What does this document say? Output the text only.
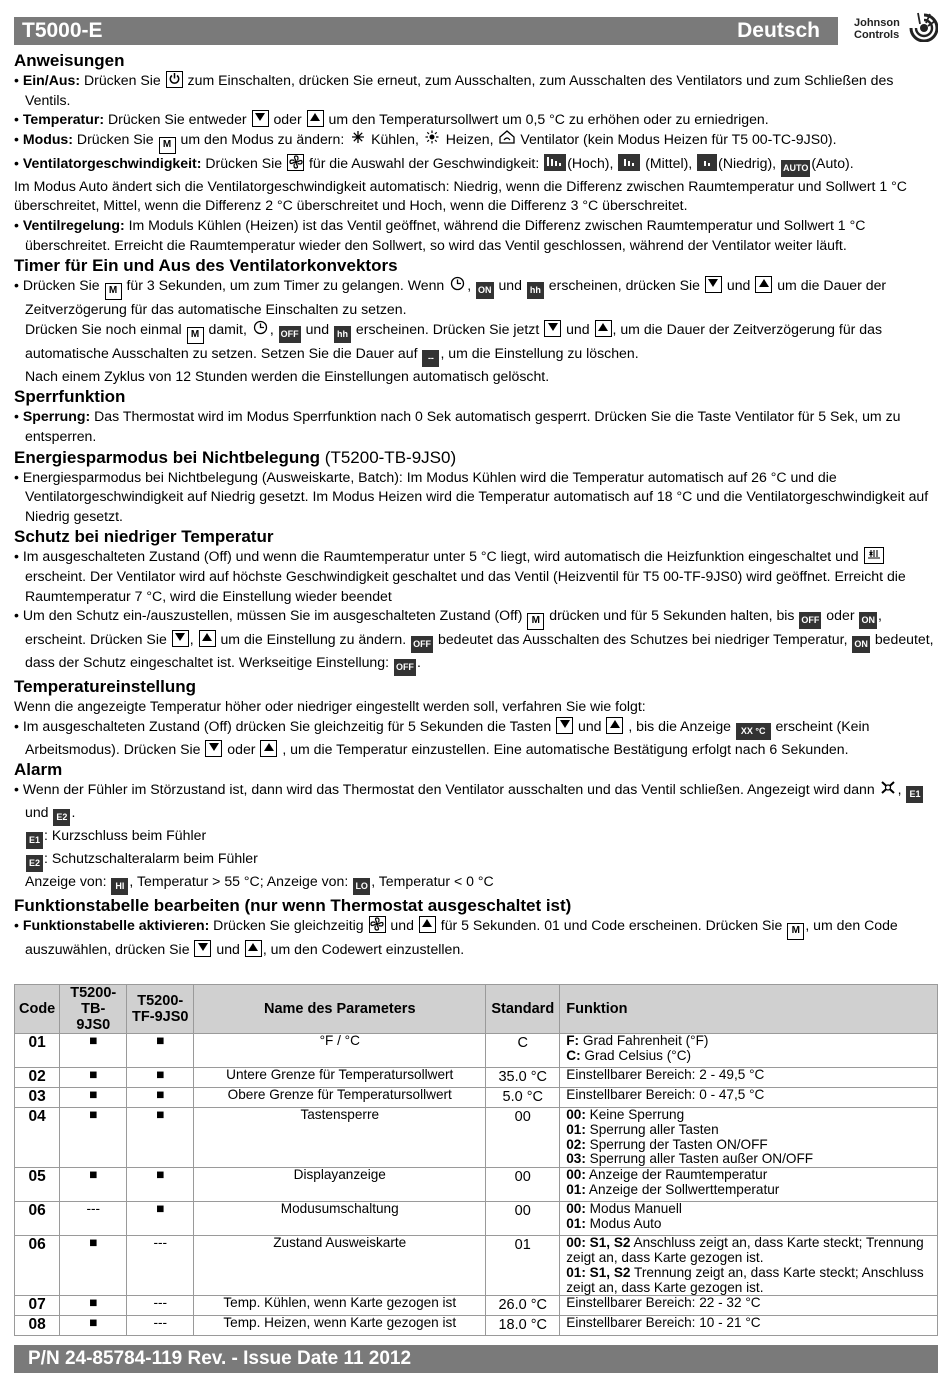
T5000-E	Deutsch	Johnson
Controls
Anweisungen

• Ein/Aus: Drücken Sie
zum Einschalten, drücken Sie erneut, zum Ausschalten, zum Ausschalten des Ventilators und zum Schließen des Ventils.

• Temperatur: Drücken Sie entweder
oder
um den Temperatursollwert um 0,5 °C zu erhöhen oder zu erniedrigen.

• Modus: Drücken Sie M um den Modus zu ändern:
Kühlen,
Heizen,
Ventilator (kein Modus Heizen für T5 00-TC-9JS0).

• Ventilatorgeschwindigkeit: Drücken Sie
für die Auswahl der Geschwindigkeit:
(Hoch),
(Mittel),
(Niedrig), AUTO (Auto).

Im Modus Auto ändert sich die Ventilatorgeschwindigkeit automatisch: Niedrig, wenn die Differenz zwischen Raumtemperatur und Sollwert 1 °C überschreitet, Mittel, wenn die Differenz 2 °C überschreitet und Hoch, wenn die Differenz 3 °C überschreitet.

• Ventilregelung: Im Moduls Kühlen (Heizen) ist das Ventil geöffnet, während die Differenz zwischen Raumtemperatur und Sollwert 1 °C überschreitet. Erreicht die Raumtemperatur wieder den Sollwert, so wird das Ventil geschlossen, während der Ventilator weiter läuft.

Timer für Ein und Aus des Ventilatorkonvektors

• Drücken Sie M für 3 Sekunden, um zum Timer zu gelangen. Wenn
, ON und hh erscheinen, drücken Sie
und
um die Dauer der Zeitverzögerung für das automatische Einschalten zu setzen.

Drücken Sie noch einmal M damit,
, OFF und hh erscheinen. Drücken Sie jetzt
und
, um die Dauer der Zeitverzögerung für das automatische Ausschalten zu setzen. Setzen Sie die Dauer auf -- , um die Einstellung zu löschen.

Nach einem Zyklus von 12 Stunden werden die Einstellungen automatisch gelöscht.

Sperrfunktion

• Sperrung: Das Thermostat wird im Modus Sperrfunktion nach 0 Sek automatisch gesperrt. Drücken Sie die Taste Ventilator für 5 Sek, um zu entsperren.

Energiesparmodus bei Nichtbelegung (T5200-TB-9JS0)

• Energiesparmodus bei Nichtbelegung (Ausweiskarte, Batch): Im Modus Kühlen wird die Temperatur automatisch auf 26 °C und die Ventilatorgeschwindigkeit auf Niedrig gesetzt. Im Modus Heizen wird die Temperatur automatisch auf 18 °C und die Ventilatorgeschwindigkeit auf Niedrig gesetzt.

Schutz bei niedriger Temperatur

• Im ausgeschalteten Zustand (Off) und wenn die Raumtemperatur unter 5 °C liegt, wird automatisch die Heizfunktion eingeschaltet und
erscheint. Der Ventilator wird auf höchste Geschwindigkeit geschaltet und das Ventil (Heizventil für T5 00-TF-9JS0) wird geöffnet. Erreicht die Raumtemperatur 7 °C, wird die Einstellung wieder beendet

• Um den Schutz ein-/auszustellen, müssen Sie im ausgeschalteten Zustand (Off) M drücken und für 5 Sekunden halten, bis OFF oder ON , erscheint. Drücken Sie
,
um die Einstellung zu ändern. OFF bedeutet das Ausschalten des Schutzes bei niedriger Temperatur, ON bedeutet, dass der Schutz eingeschaltet ist. Werkseitige Einstellung: OFF .

Temperatureinstellung

Wenn die angezeigte Temperatur höher oder niedriger eingestellt werden soll, verfahren Sie wie folgt:

• Im ausgeschalteten Zustand (Off) drücken Sie gleichzeitig für 5 Sekunden die Tasten
und
, bis die Anzeige XX °C erscheint (Kein Arbeitsmodus). Drücken Sie
oder
, um die Temperatur einzustellen. Eine automatische Bestätigung erfolgt nach 6 Sekunden.

Alarm

• Wenn der Fühler im Störzustand ist, dann wird das Thermostat den Ventilator ausschalten und das Ventil schließen. Angezeigt wird dann
, E1 und E2 .

E1 : Kurzschluss beim Fühler

E2 : Schutzschalteralarm beim Fühler

Anzeige von: HI , Temperatur > 55 °C; Anzeige von: LO , Temperatur < 0 °C

Funktionstabelle bearbeiten (nur wenn Thermostat ausgeschaltet ist)

• Funktionstabelle aktivieren: Drücken Sie gleichzeitig
und
für 5 Sekunden. 01 und Code erscheinen. Drücken Sie M , um den Code auszuwählen, drücken Sie
und
, um den Codewert einzustellen.

Code	T5200-TB-9JS0	T5200-TF-9JS0	Name des Parameters	Standard	Funktion
01	■	■	°F / °C	C	F: Grad Fahrenheit (°F)
C: Grad Celsius (°C)

02	■	■	Untere Grenze für Temperatursollwert	35.0 °C	Einstellbarer Bereich: 2 - 49,5 °C

03	■	■	Obere Grenze für Temperatursollwert	5.0 °C	Einstellbarer Bereich: 0 - 47,5 °C

04	■	■	Tastensperre	00	00: Keine Sperrung
01: Sperrung aller Tasten
02: Sperrung der Tasten ON/OFF
03: Sperrung aller Tasten außer ON/OFF

05	■	■	Displayanzeige	00	00: Anzeige der Raumtemperatur
01: Anzeige der Sollwerttemperatur

06	---	■	Modusumschaltung	00	00: Modus Manuell
01: Modus Auto

06	■	---	Zustand Ausweiskarte	01	00: S1, S2 Anschluss zeigt an, dass Karte steckt; Trennung zeigt an, dass Karte gezogen ist.
01: S1, S2 Trennung zeigt an, dass Karte steckt; Anschluss zeigt an, dass Karte gezogen ist.

07	■	---	Temp. Kühlen, wenn Karte gezogen ist	26.0 °C	Einstellbarer Bereich: 22 - 32 °C

08	■	---	Temp. Heizen, wenn Karte gezogen ist	18.0 °C	Einstellbarer Bereich: 10 - 21 °C
P/N 24-85784-119 Rev. - Issue Date 11 2012
